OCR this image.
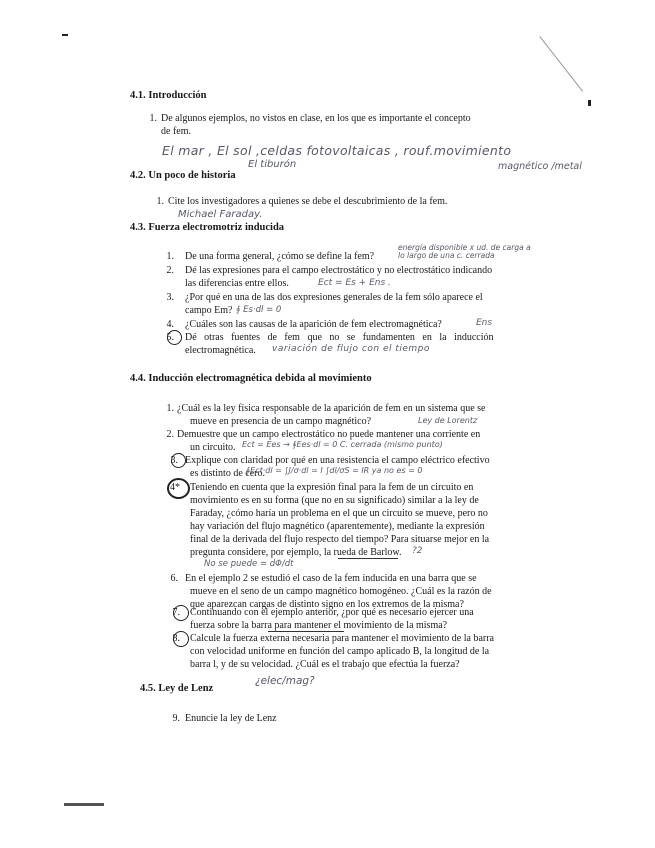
4.1. Introducción
1. De algunos ejemplos, no vistos en clase, en los que es importante el concepto
de fem.
El mar , El sol ,celdas fotovoltaicas , rouf.movimiento
El tiburón	magnético /metal
4.2. Un poco de historia
1. Cite los investigadores a quienes se debe el descubrimiento de la fem.
Michael Faraday.
4.3. Fuerza electromotriz inducida
1. De una forma general, ¿cómo se define la fem?
energía disponible x ud. de carga a lo largo de una c. cerrada
2. Dé las expresiones para el campo electrostático y no electrostático indicando
las diferencias entre ellos.	Ect = Es + Ens .
3. ¿Por qué en una de las dos expresiones generales de la fem sólo aparece el
campo Em? ∮ Es·dl = 0
4. ¿Cuáles son las causas de la aparición de fem electromagnética?	Ens
5. Dé otras fuentes de fem que no se fundamenten en la inducción
electromagnética. variación de flujo con el tiempo
4.4. Inducción electromagnética debida al movimiento
1. ¿Cuál es la ley física responsable de la aparición de fem en un sistema que se
mueve en presencia de un campo magnético?	Ley de Lorentz
2. Demuestre que un campo electrostático no puede mantener una corriente en
un circuito. Ect = Ees → ∮Ees·dl = 0 C. cerrada (mismo punto)
3. Explique con claridad por qué en una resistencia el campo eléctrico efectivo
es distinto de cero.
∮Ect·dl = ∫J/σ·dl = I ∫dl/σS = IR ya no es = 0
4* Teniendo en cuenta que la expresión final para la fem de un circuito en
movimiento es en su forma (que no en su significado) similar a la ley de
Faraday, ¿cómo haría un problema en el que un circuito se mueve, pero no
hay variación del flujo magnético (aparentemente), mediante la expresión
final de la derivada del flujo respecto del tiempo? Para situarse mejor en la
pregunta considere, por ejemplo, la rueda de Barlow. ?2
No se puede = dΦ/dt
6. En el ejemplo 2 se estudió el caso de la fem inducida en una barra que se
mueve en el seno de un campo magnético homogéneo. ¿Cuál es la razón de
que aparezcan cargas de distinto signo en los extremos de la misma?
7. Continuando con el ejemplo anterior, ¿por qué es necesario ejercer una
fuerza sobre la barra para mantener el movimiento de la misma?
8. Calcule la fuerza externa necesaria para mantener el movimiento de la barra
con velocidad uniforme en función del campo aplicado B, la longitud de la
barra l, y de su velocidad. ¿Cuál es el trabajo que efectúa la fuerza?
4.5. Ley de Lenz
¿elec/mag?
9. Enuncie la ley de Lenz
